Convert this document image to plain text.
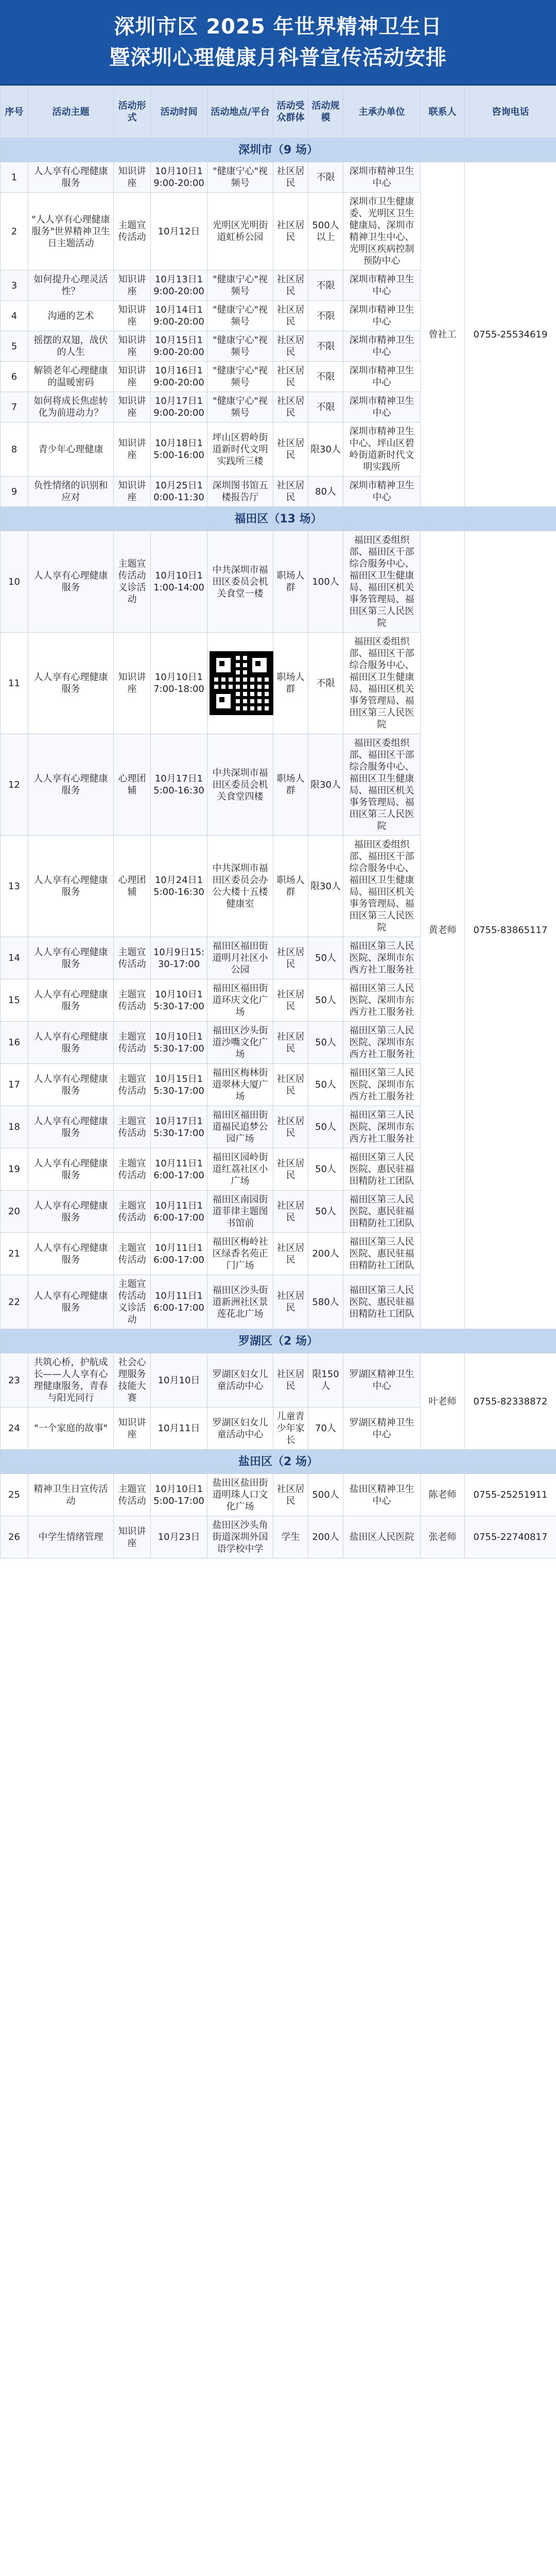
深圳市区 2025 年世界精神卫生日
暨深圳心理健康月科普宣传活动安排
序号	活动主题	活动形式	活动时间	活动地点/平台	活动受众群体	活动规模	主承办单位	联系人	咨询电话
深圳市（9 场）									
1	人人享有心理健康服务	知识讲座	10月10日19:00-20:00	"健康宁心"视频号	社区居民	不限	深圳市精神卫生中心	曾社工	0755-25534619
2	"人人享有心理健康服务"世界精神卫生日主题活动	主题宣传活动	10月12日	光明区光明街道虹桥公园	社区居民	500人以上	深圳市卫生健康委、光明区卫生健康局、深圳市精神卫生中心、光明区疾病控制预防中心		
3	如何提升心理灵活性？	知识讲座	10月13日19:00-20:00	"健康宁心"视频号	社区居民	不限	深圳市精神卫生中心		
4	沟通的艺术	知识讲座	10月14日19:00-20:00	"健康宁心"视频号	社区居民	不限	深圳市精神卫生中心		
5	摇摆的双翅，战伏的人生	知识讲座	10月15日19:00-20:00	"健康宁心"视频号	社区居民	不限	深圳市精神卫生中心		
6	解锁老年心理健康的温暖密码	知识讲座	10月16日19:00-20:00	"健康宁心"视频号	社区居民	不限	深圳市精神卫生中心		
7	如何将成长焦虑转化为前进动力？	知识讲座	10月17日19:00-20:00	"健康宁心"视频号	社区居民	不限	深圳市精神卫生中心		
8	青少年心理健康	知识讲座	10月18日15:00-16:00	坪山区碧岭街道新时代文明实践所三楼	社区居民	限30人	深圳市精神卫生中心、坪山区碧岭街道新时代文明实践所		
9	负性情绪的识别和应对	知识讲座	10月25日10:00-11:30	深圳图书馆五楼报告厅	社区居民	80人	深圳市精神卫生中心		
福田区（13 场）									
10	人人享有心理健康服务	主题宣传活动义诊活动	10月10日11:00-14:00	中共深圳市福田区委员会机关食堂一楼	职场人群	100人	福田区委组织部、福田区干部综合服务中心、福田区卫生健康局、福田区机关事务管理局、福田区第三人民医院	黄老师	0755-83865117
11	人人享有心理健康服务	知识讲座	10月10日17:00-18:00		职场人群	不限	福田区委组织部、福田区干部综合服务中心、福田区卫生健康局、福田区机关事务管理局、福田区第三人民医院		
12	人人享有心理健康服务	心理团辅	10月17日15:00-16:30	中共深圳市福田区委员会机关食堂四楼	职场人群	限30人	福田区委组织部、福田区干部综合服务中心、福田区卫生健康局、福田区机关事务管理局、福田区第三人民医院		
13	人人享有心理健康服务	心理团辅	10月24日15:00-16:30	中共深圳市福田区委员会办公大楼十五楼健康室	职场人群	限30人	福田区委组织部、福田区干部综合服务中心、福田区卫生健康局、福田区机关事务管理局、福田区第三人民医院		
14	人人享有心理健康服务	主题宣传活动	10月9日15:30-17:00	福田区福田街道明月社区小公园	社区居民	50人	福田区第三人民医院、深圳市东西方社工服务社		
15	人人享有心理健康服务	主题宣传活动	10月10日15:30-17:00	福田区福田街道环庆文化广场	社区居民	50人	福田区第三人民医院、深圳市东西方社工服务社		
16	人人享有心理健康服务	主题宣传活动	10月10日15:30-17:00	福田区沙头街道沙嘴文化广场	社区居民	50人	福田区第三人民医院、深圳市东西方社工服务社		
17	人人享有心理健康服务	主题宣传活动	10月15日15:30-17:00	福田区梅林街道翠林大厦广场	社区居民	50人	福田区第三人民医院、深圳市东西方社工服务社		
18	人人享有心理健康服务	主题宣传活动	10月17日15:30-17:00	福田区福田街道福民追梦公园广场	社区居民	50人	福田区第三人民医院、深圳市东西方社工服务社		
19	人人享有心理健康服务	主题宣传活动	10月11日16:00-17:00	福田区园岭街道红荔社区小广场	社区居民	50人	福田区第三人民医院、惠民驻福田精防社工团队		
20	人人享有心理健康服务	主题宣传活动	10月11日16:00-17:00	福田区南园街道菲律主题图书馆前	社区居民	50人	福田区第三人民医院、惠民驻福田精防社工团队		
21	人人享有心理健康服务	主题宣传活动	10月11日16:00-17:00	福田区梅岭社区绿香名苑正门广场	社区居民	200人	福田区第三人民医院、惠民驻福田精防社工团队		
22	人人享有心理健康服务	主题宣传活动义诊活动	10月11日16:00-17:00	福田区沙头街道新洲社区景莲花北广场	社区居民	580人	福田区第三人民医院、惠民驻福田精防社工团队		
罗湖区（2 场）									
23	共筑心桥，护航成长——人人享有心理健康服务，青春与阳光同行	社会心理服务技能大赛	10月10日	罗湖区妇女儿童活动中心	社区居民	限150人	罗湖区精神卫生中心	叶老师	0755-82338872
24	"一个家庭的故事"	知识讲座	10月11日	罗湖区妇女儿童活动中心	儿童青少年家长	70人	罗湖区精神卫生中心		
盐田区（2 场）									
25	精神卫生日宣传活动	主题宣传活动	10月10日15:00-17:00	盐田区盐田街道明珠人口文化广场	社区居民	500人	盐田区精神卫生中心	陈老师	0755-25251911
26	中学生情绪管理	知识讲座	10月23日	盐田区沙头角街道深圳外国语学校中学	学生	200人	盐田区人民医院	张老师	0755-22740817
